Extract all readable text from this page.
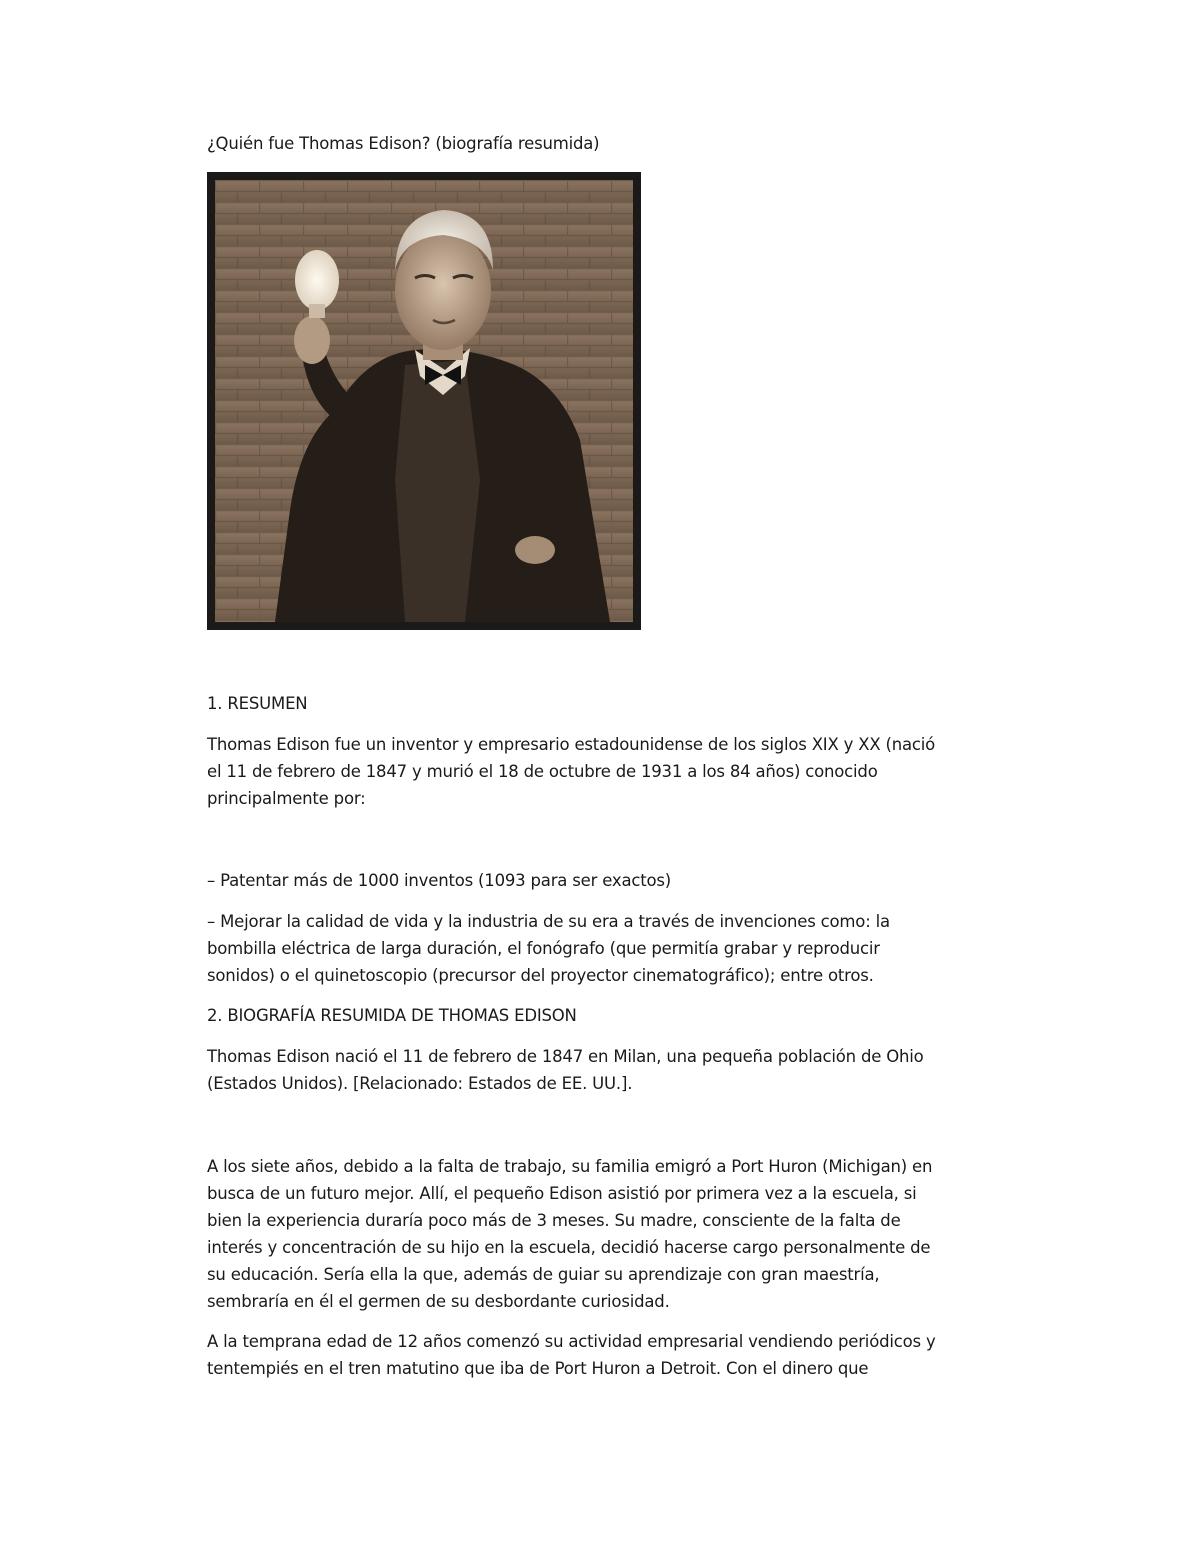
¿Quién fue Thomas Edison? (biografía resumida)
1. RESUMEN
Thomas Edison fue un inventor y empresario estadounidense de los siglos XIX y XX (nació
el 11 de febrero de 1847 y murió el 18 de octubre de 1931 a los 84 años) conocido
principalmente por:
– Patentar más de 1000 inventos (1093 para ser exactos)
– Mejorar la calidad de vida y la industria de su era a través de invenciones como: la
bombilla eléctrica de larga duración, el fonógrafo (que permitía grabar y reproducir
sonidos) o el quinetoscopio (precursor del proyector cinematográfico); entre otros.
2. BIOGRAFÍA RESUMIDA DE THOMAS EDISON
Thomas Edison nació el 11 de febrero de 1847 en Milan, una pequeña población de Ohio
(Estados Unidos). [Relacionado: Estados de EE. UU.].
A los siete años, debido a la falta de trabajo, su familia emigró a Port Huron (Michigan) en
busca de un futuro mejor. Allí, el pequeño Edison asistió por primera vez a la escuela, si
bien la experiencia duraría poco más de 3 meses. Su madre, consciente de la falta de
interés y concentración de su hijo en la escuela, decidió hacerse cargo personalmente de
su educación. Sería ella la que, además de guiar su aprendizaje con gran maestría,
sembraría en él el germen de su desbordante curiosidad.
A la temprana edad de 12 años comenzó su actividad empresarial vendiendo periódicos y
tentempiés en el tren matutino que iba de Port Huron a Detroit. Con el dinero que
